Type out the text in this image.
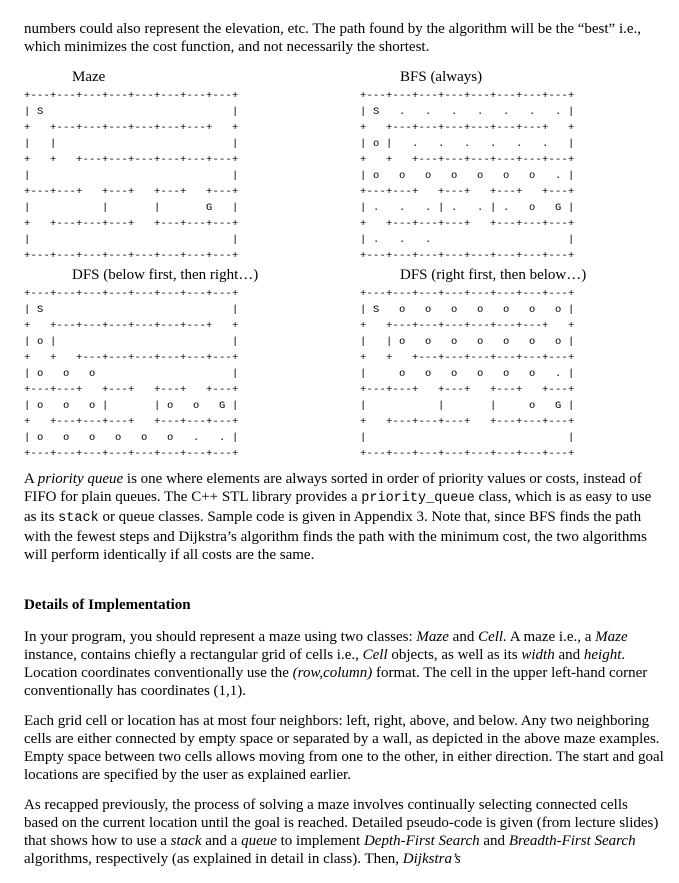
numbers could also represent the elevation, etc. The path found by the algorithm will be the “best” i.e., which minimizes the cost function, and not necessarily the shortest.

Maze
+---+---+---+---+---+---+---+---+
| S                             |
+   +---+---+---+---+---+---+   +
|   |                           |
+   +   +---+---+---+---+---+---+
|                               |
+---+---+   +---+   +---+   +---+
|           |       |       G   |
+   +---+---+---+   +---+---+---+
|                               |
+---+---+---+---+---+---+---+---+
BFS (always)
+---+---+---+---+---+---+---+---+
| S   .   .   .   .   .   .   . |
+   +---+---+---+---+---+---+   +
| o |   .   .   .   .   .   .   |
+   +   +---+---+---+---+---+---+
| o   o   o   o   o   o   o   . |
+---+---+   +---+   +---+   +---+
| .   .   . | .   . | .   o   G |
+   +---+---+---+   +---+---+---+
| .   .   .                     |
+---+---+---+---+---+---+---+---+
DFS (below first, then right…)
+---+---+---+---+---+---+---+---+
| S                             |
+   +---+---+---+---+---+---+   +
| o |                           |
+   +   +---+---+---+---+---+---+
| o   o   o                     |
+---+---+   +---+   +---+   +---+
| o   o   o |       | o   o   G |
+   +---+---+---+   +---+---+---+
| o   o   o   o   o   o   .   . |
+---+---+---+---+---+---+---+---+
DFS (right first, then below…)
+---+---+---+---+---+---+---+---+
| S   o   o   o   o   o   o   o |
+   +---+---+---+---+---+---+   +
|   | o   o   o   o   o   o   o |
+   +   +---+---+---+---+---+---+
|     o   o   o   o   o   o   . |
+---+---+   +---+   +---+   +---+
|           |       |     o   G |
+   +---+---+---+   +---+---+---+
|                               |
+---+---+---+---+---+---+---+---+

A priority queue is one where elements are always sorted in order of priority values or costs, instead of FIFO for plain queues. The C++ STL library provides a priority_queue class, which is as easy to use as its stack or queue classes. Sample code is given in Appendix 3. Note that, since BFS finds the path with the fewest steps and Dijkstra’s algorithm finds the path with the minimum cost, the two algorithms will perform identically if all costs are the same.

Details of Implementation

In your program, you should represent a maze using two classes: Maze and Cell. A maze i.e., a Maze instance, contains chiefly a rectangular grid of cells i.e., Cell objects, as well as its width and height. Location coordinates conventionally use the (row,column) format. The cell in the upper left-hand corner conventionally has coordinates (1,1).

Each grid cell or location has at most four neighbors: left, right, above, and below. Any two neighboring cells are either connected by empty space or separated by a wall, as depicted in the above maze examples. Empty space between two cells allows moving from one to the other, in either direction. The start and goal locations are specified by the user as explained earlier.

As recapped previously, the process of solving a maze involves continually selecting connected cells based on the current location until the goal is reached. Detailed pseudo-code is given (from lecture slides) that shows how to use a stack and a queue to implement Depth-First Search and Breadth-First Search algorithms, respectively (as explained in detail in class). Then, Dijkstra’s
